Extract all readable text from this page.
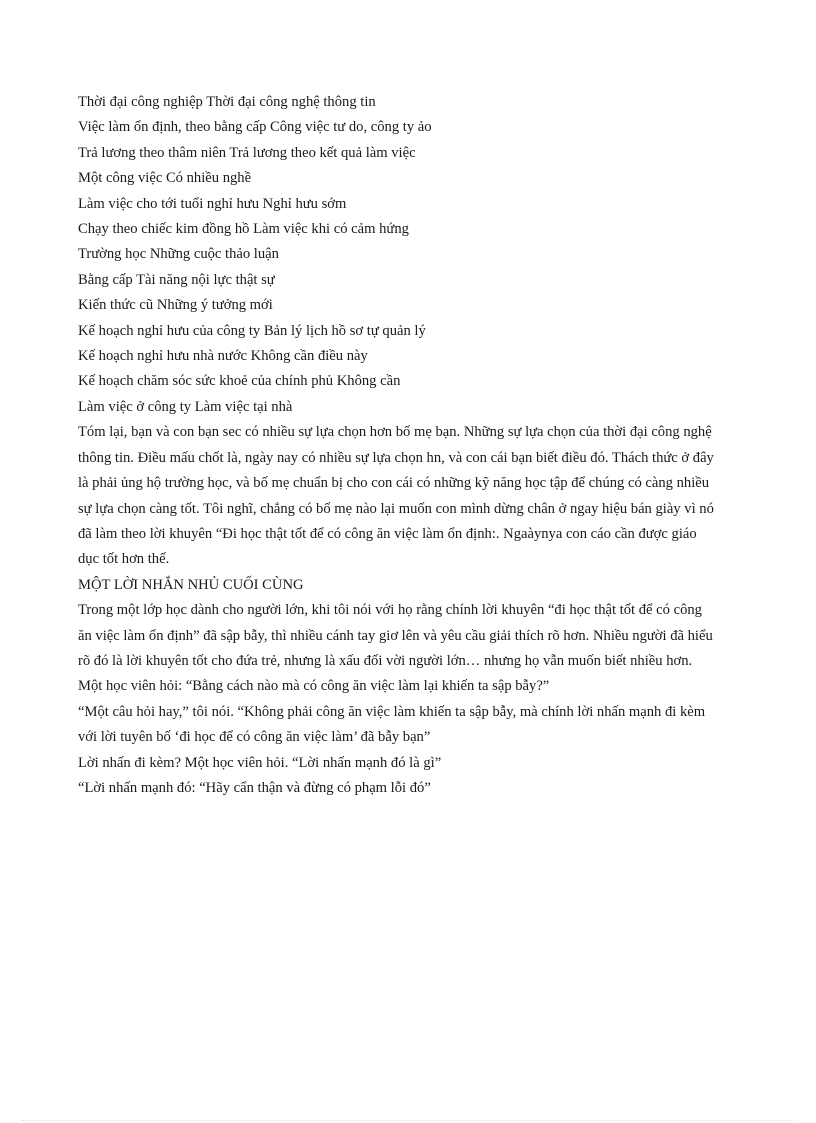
Thời đại công nghiệp Thời đại công nghệ thông tin

Việc làm ổn định, theo bằng cấp Công việc tư do, công ty ảo

Trả lương theo thâm niên Trả lương theo kết quả làm việc

Một công việc Có nhiều nghề

Làm việc cho tới tuổi nghỉ hưu Nghỉ hưu sớm

Chạy theo chiếc kim đồng hồ Làm việc khi có cảm hứng

Trường học Những cuộc thảo luận

Bằng cấp Tài năng nội lực thật sự

Kiến thức cũ Những ý tưởng mới

Kế hoạch nghỉ hưu của công ty Bản lý lịch hồ sơ tự quản lý

Kế hoạch nghỉ hưu nhà nước Không cần điều này

Kế hoạch chăm sóc sức khoẻ của chính phủ Không cần

Làm việc ở công ty Làm việc tại nhà

Tóm lại, bạn và con bạn sec có nhiều sự lựa chọn hơn bố mẹ bạn. Những sự lựa chọn của thời đại công nghệ

thông tin. Điều mấu chốt là, ngày nay có nhiều sự lựa chọn hn, và con cái bạn biết điều đó. Thách thức ở đây

là phải ủng hộ trường học, và bố mẹ chuẩn bị cho con cái có những kỹ năng học tập để chúng có càng nhiều

sự lựa chọn càng tốt. Tôi nghĩ, chẳng có bố mẹ nào lại muốn con mình dừng chân ở ngay hiệu bán giày vì nó

đã làm theo lời khuyên “Đi học thật tốt để có công ăn việc làm ổn định:. Ngaàynya con cáo cần được giáo

dục tốt hơn thế.

MỘT LỜI NHẮN NHỦ CUỐI CÙNG

Trong một lớp học dành cho người lớn, khi tôi nói với họ rằng chính lời khuyên “đi học thật tốt để có công

ăn việc làm ổn định” đã sập bẫy, thì nhiều cánh tay giơ lên và yêu cầu giải thích rõ hơn. Nhiều người đã hiểu

rõ đó là lời khuyên tốt cho đứa trẻ, nhưng là xấu đối vời người lớn… nhưng họ vẫn muốn biết nhiều hơn.

Một học viên hỏi: “Bằng cách nào mà có công ăn việc làm lại khiến ta sập bẫy?”

“Một câu hỏi hay,” tôi nói. “Không phải công ăn việc làm khiến ta sập bẫy, mà chính lời nhấn mạnh đi kèm

với lời tuyên bố ‘đi học để có công ăn việc làm’ đã bẫy bạn”

Lời nhấn đi kèm? Một học viên hỏi. “Lời nhấn mạnh đó là gì”

“Lời nhấn mạnh đó: “Hãy cẩn thận và đừng có phạm lỗi đó”
